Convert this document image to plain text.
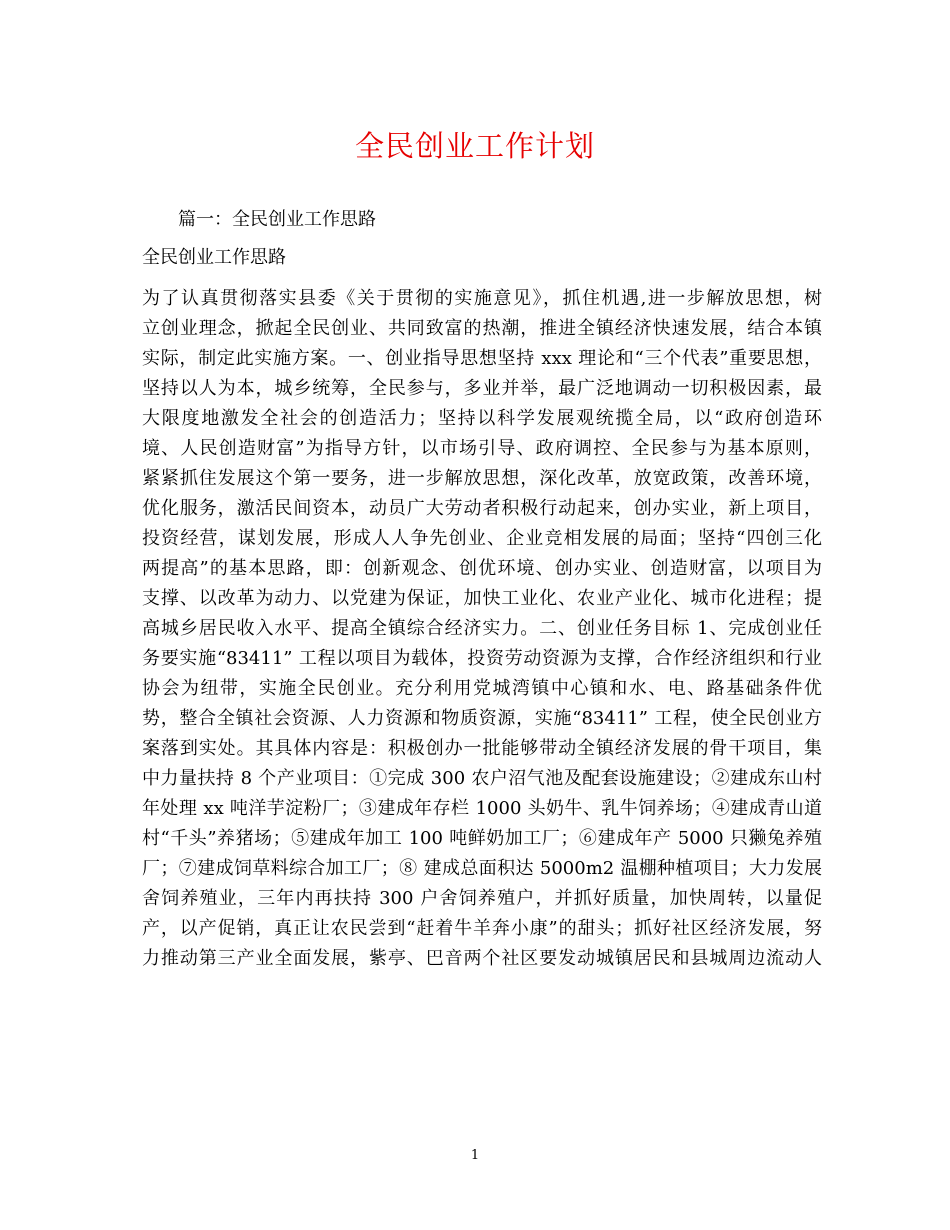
全民创业工作计划
篇一：全民创业工作思路
全民创业工作思路
为了认真贯彻落实县委《关于贯彻的实施意见》，抓住机遇,进一步解放思想，树
立创业理念，掀起全民创业、共同致富的热潮，推进全镇经济快速发展，结合本镇
实际，制定此实施方案。一、创业指导思想坚持 xxx 理论和“三个代表”重要思想，
坚持以人为本，城乡统筹，全民参与，多业并举，最广泛地调动一切积极因素，最
大限度地激发全社会的创造活力；坚持以科学发展观统揽全局，以“政府创造环
境、人民创造财富”为指导方针，以市场引导、政府调控、全民参与为基本原则，
紧紧抓住发展这个第一要务，进一步解放思想，深化改革，放宽政策，改善环境，
优化服务，激活民间资本，动员广大劳动者积极行动起来，创办实业，新上项目，
投资经营，谋划发展，形成人人争先创业、企业竞相发展的局面；坚持“四创三化
两提高”的基本思路，即：创新观念、创优环境、创办实业、创造财富，以项目为
支撑、以改革为动力、以党建为保证，加快工业化、农业产业化、城市化进程；提
高城乡居民收入水平、提高全镇综合经济实力。二、创业任务目标 1、完成创业任
务要实施“83411” 工程以项目为载体，投资劳动资源为支撑，合作经济组织和行业
协会为纽带，实施全民创业。充分利用党城湾镇中心镇和水、电、路基础条件优
势，整合全镇社会资源、人力资源和物质资源，实施“83411” 工程，使全民创业方
案落到实处。其具体内容是：积极创办一批能够带动全镇经济发展的骨干项目，集
中力量扶持 8 个产业项目：①完成 300 农户沼气池及配套设施建设；②建成东山村
年处理 xx 吨洋芋淀粉厂；③建成年存栏 1000 头奶牛、乳牛饲养场；④建成青山道
村“千头”养猪场；⑤建成年加工 100 吨鲜奶加工厂；⑥建成年产 5000 只獭兔养殖
厂；⑦建成饲草料综合加工厂；⑧ 建成总面积达 5000m2 温棚种植项目；大力发展
舍饲养殖业，三年内再扶持 300 户舍饲养殖户，并抓好质量，加快周转，以量促
产，以产促销，真正让农民尝到“赶着牛羊奔小康”的甜头；抓好社区经济发展，努
力推动第三产业全面发展，紫亭、巴音两个社区要发动城镇居民和县城周边流动人
1
